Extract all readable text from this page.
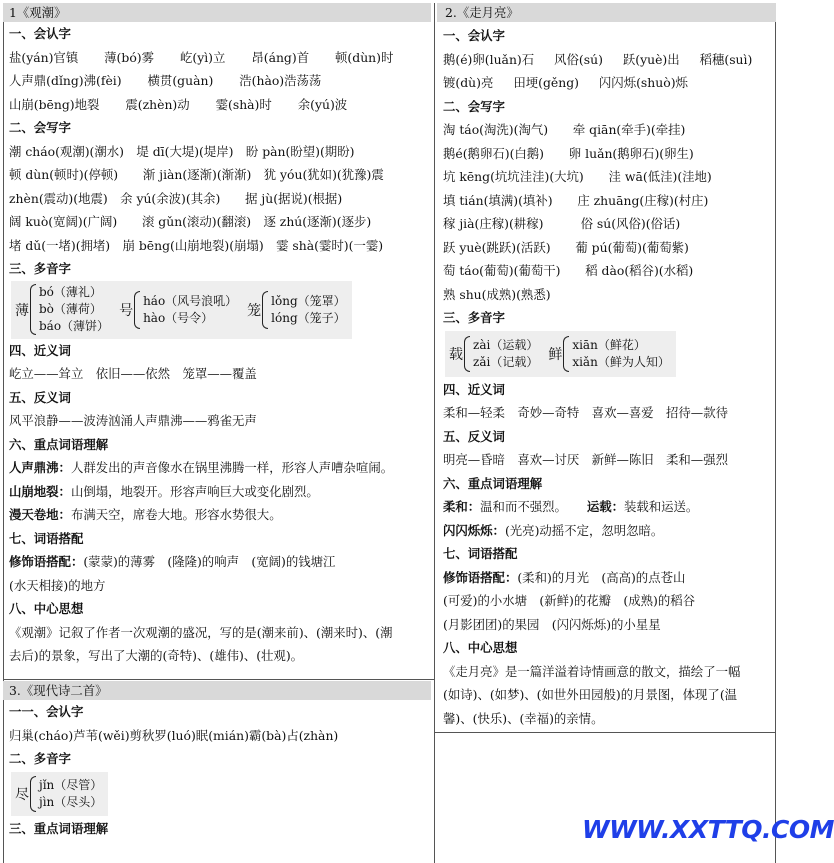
1《观潮》
一、会认字
盐(yán)官镇 薄(bó)雾 屹(yì)立 昂(áng)首 顿(dùn)时
人声鼎(dǐng)沸(fèi) 横贯(guàn) 浩(hào)浩荡荡
山崩(bēng)地裂 震(zhèn)动 霎(shà)时 余(yú)波
二、会写字
潮 cháo(观潮)(潮水)　堤 dī(大堤)(堤岸)　盼 pàn(盼望)(期盼)
顿 dùn(顿时)(停顿)　　渐 jiàn(逐渐)(渐渐)　犹 yóu(犹如)(犹豫)震
zhèn(震动)(地震)　余 yú(余波)(其余)　　据 jù(据说)(根据)
阔 kuò(宽阔)(广阔)　　滚 gǔn(滚动)(翻滚)　逐 zhú(逐渐)(逐步)
堵 dǔ(一堵)(拥堵)　崩 bēng(山崩地裂)(崩塌)　霎 shà(霎时)(一霎)
三、多音字
薄
bó（薄礼）
bò（薄荷）
báo（薄饼）
号
háo（风号浪吼）
hào（号令）	笼
lǒng（笼罩）
lóng（笼子）
四、近义词
屹立——耸立　依旧——依然　笼罩——覆盖
五、反义词
风平浪静——波涛汹涌人声鼎沸——鸦雀无声
六、重点词语理解
人声鼎沸：人群发出的声音像水在锅里沸腾一样，形容人声嘈杂喧闹。
山崩地裂：山倒塌，地裂开。形容声响巨大或变化剧烈。
漫天卷地：布满天空，席卷大地。形容水势很大。
七、词语搭配
修饰语搭配：(蒙蒙)的薄雾　(隆隆)的响声　(宽阔)的钱塘江
(水天相接)的地方
八、中心思想
《观潮》记叙了作者一次观潮的盛况，写的是(潮来前)、(潮来时)、(潮
去后)的景象，写出了大潮的(奇特)、(雄伟)、(壮观)。
3.《现代诗二首》
一一、会认字
归巢(cháo)芦苇(wěi)剪秋罗(luó)眠(mián)霸(bà)占(zhàn)
二、多音字
尽
jǐn（尽管）
jìn（尽头）
三、重点词语理解
2.《走月亮》
一、会认字
鹅(é)卵(luǎn)石 风俗(sú) 跃(yuè)出 稻穗(suì)
镀(dù)亮 田埂(gěng) 闪闪烁(shuò)烁
二、会写字
淘 táo(淘洗)(淘气)　　牵 qiān(牵手)(牵挂)
鹅é(鹅卵石)(白鹅)　　卵 luǎn(鹅卵石)(卵生)
坑 kēng(坑坑洼洼)(大坑)　　洼 wā(低洼)(洼地)
填 tián(填满)(填补)　　庄 zhuāng(庄稼)(村庄)
稼 jià(庄稼)(耕稼)　　　俗 sú(风俗)(俗话)
跃 yuè(跳跃)(活跃)　　葡 pú(葡萄)(葡萄紫)
萄 táo(葡萄)(葡萄干)　　稻 dào(稻谷)(水稻)
熟 shu(成熟)(熟悉)
三、多音字
载
zài（运载）
zǎi（记载） 鲜
xiān（鲜花）
xiǎn（鲜为人知）
四、近义词
柔和—轻柔　奇妙—奇特　喜欢—喜爱　招待—款待
五、反义词
明亮—昏暗　喜欢—讨厌　新鲜—陈旧　柔和—强烈
六、重点词语理解
柔和：温和而不强烈。 运载：装载和运送。
闪闪烁烁：(光亮)动摇不定，忽明忽暗。
七、词语搭配
修饰语搭配：(柔和)的月光　(高高)的点苍山
(可爱)的小水塘　(新鲜)的花瓣　(成熟)的稻谷
(月影团团)的果园　(闪闪烁烁)的小星星
八、中心思想
《走月亮》是一篇洋溢着诗情画意的散文，描绘了一幅
(如诗)、(如梦)、(如世外田园般)的月景图，体现了(温
馨)、(快乐)、(幸福)的亲情。
WWW.XXTTQ.COM
